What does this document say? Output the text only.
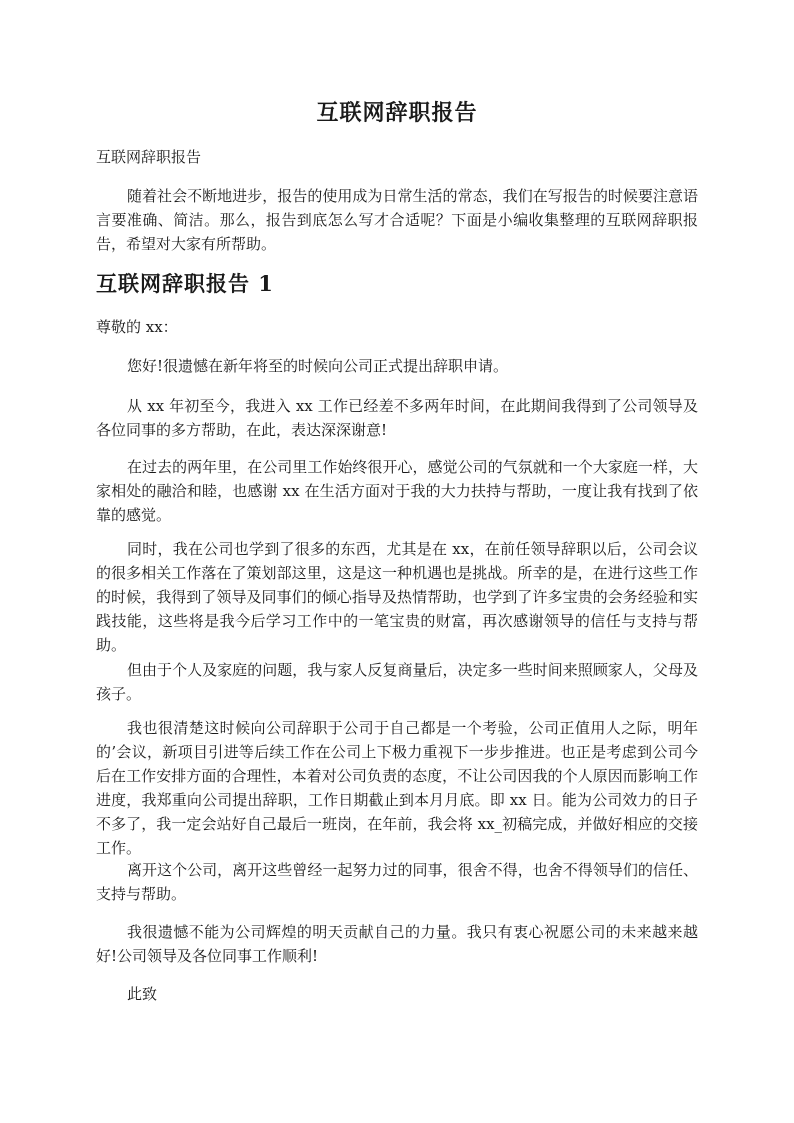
互联网辞职报告

互联网辞职报告

随着社会不断地进步，报告的使用成为日常生活的常态，我们在写报告的时候要注意语言要准确、简洁。那么，报告到底怎么写才合适呢？下面是小编收集整理的互联网辞职报告，希望对大家有所帮助。

互联网辞职报告 1

尊敬的 xx：

您好!很遗憾在新年将至的时候向公司正式提出辞职申请。

从 xx 年初至今，我进入 xx 工作已经差不多两年时间，在此期间我得到了公司领导及各位同事的多方帮助，在此，表达深深谢意!

在过去的两年里，在公司里工作始终很开心，感觉公司的气氛就和一个大家庭一样，大家相处的融洽和睦，也感谢 xx 在生活方面对于我的大力扶持与帮助，一度让我有找到了依靠的感觉。

同时，我在公司也学到了很多的东西，尤其是在 xx，在前任领导辞职以后，公司会议的很多相关工作落在了策划部这里，这是这一种机遇也是挑战。所幸的是，在进行这些工作的时候，我得到了领导及同事们的倾心指导及热情帮助，也学到了许多宝贵的会务经验和实践技能，这些将是我今后学习工作中的一笔宝贵的财富，再次感谢领导的信任与支持与帮助。

但由于个人及家庭的问题，我与家人反复商量后，决定多一些时间来照顾家人，父母及孩子。

我也很清楚这时候向公司辞职于公司于自己都是一个考验，公司正值用人之际，明年的’会议，新项目引进等后续工作在公司上下极力重视下一步步推进。也正是考虑到公司今后在工作安排方面的合理性，本着对公司负责的态度，不让公司因我的个人原因而影响工作进度，我郑重向公司提出辞职，工作日期截止到本月月底。即 xx 日。能为公司效力的日子不多了，我一定会站好自己最后一班岗，在年前，我会将 xx_初稿完成，并做好相应的交接工作。

离开这个公司，离开这些曾经一起努力过的同事，很舍不得，也舍不得领导们的信任、支持与帮助。

我很遗憾不能为公司辉煌的明天贡献自己的力量。我只有衷心祝愿公司的未来越来越好!公司领导及各位同事工作顺利!

此致
